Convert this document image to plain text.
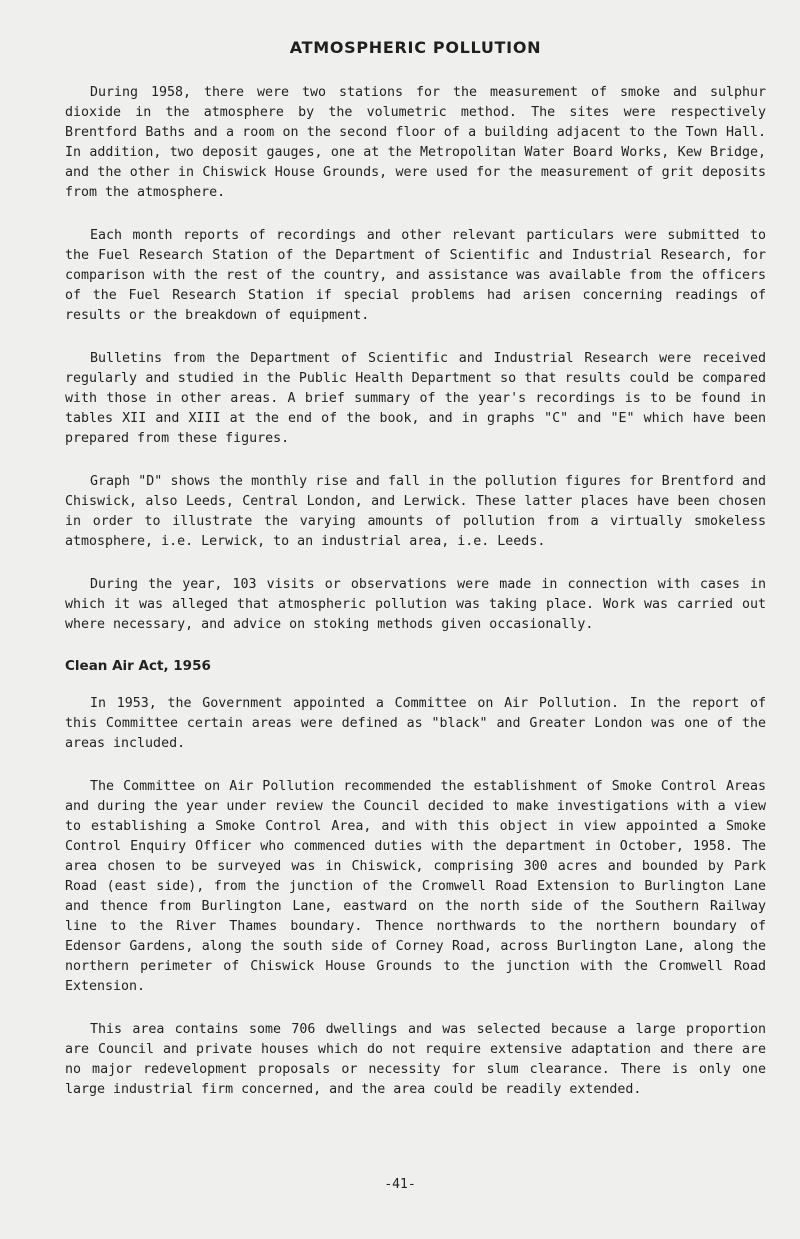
ATMOSPHERIC POLLUTION

During 1958, there were two stations for the measurement of smoke and sulphur dioxide in the atmosphere by the volumetric method. The sites were respectively Brentford Baths and a room on the second floor of a building adjacent to the Town Hall. In addition, two deposit gauges, one at the Metropolitan Water Board Works, Kew Bridge, and the other in Chiswick House Grounds, were used for the measurement of grit deposits from the atmosphere.

Each month reports of recordings and other relevant particulars were submitted to the Fuel Research Station of the Department of Scientific and Industrial Research, for comparison with the rest of the country, and assistance was available from the officers of the Fuel Research Station if special problems had arisen concerning readings of results or the breakdown of equipment.

Bulletins from the Department of Scientific and Industrial Research were received regularly and studied in the Public Health Department so that results could be compared with those in other areas. A brief summary of the year's recordings is to be found in tables XII and XIII at the end of the book, and in graphs "C" and "E" which have been prepared from these figures.

Graph "D" shows the monthly rise and fall in the pollution figures for Brentford and Chiswick, also Leeds, Central London, and Lerwick. These latter places have been chosen in order to illustrate the varying amounts of pollution from a virtually smokeless atmosphere, i.e. Lerwick, to an industrial area, i.e. Leeds.

During the year, 103 visits or observations were made in connection with cases in which it was alleged that atmospheric pollution was taking place. Work was carried out where necessary, and advice on stoking methods given occasionally.

Clean Air Act, 1956

In 1953, the Government appointed a Committee on Air Pollution. In the report of this Committee certain areas were defined as "black" and Greater London was one of the areas included.

The Committee on Air Pollution recommended the establishment of Smoke Control Areas and during the year under review the Council decided to make investigations with a view to establishing a Smoke Control Area, and with this object in view appointed a Smoke Control Enquiry Officer who commenced duties with the department in October, 1958. The area chosen to be surveyed was in Chiswick, comprising 300 acres and bounded by Park Road (east side), from the junction of the Cromwell Road Extension to Burlington Lane and thence from Burlington Lane, eastward on the north side of the Southern Railway line to the River Thames boundary. Thence northwards to the northern boundary of Edensor Gardens, along the south side of Corney Road, across Burlington Lane, along the northern perimeter of Chiswick House Grounds to the junction with the Cromwell Road Extension.

This area contains some 706 dwellings and was selected because a large proportion are Council and private houses which do not require extensive adaptation and there are no major redevelopment proposals or necessity for slum clearance. There is only one large industrial firm concerned, and the area could be readily extended.

-41-
